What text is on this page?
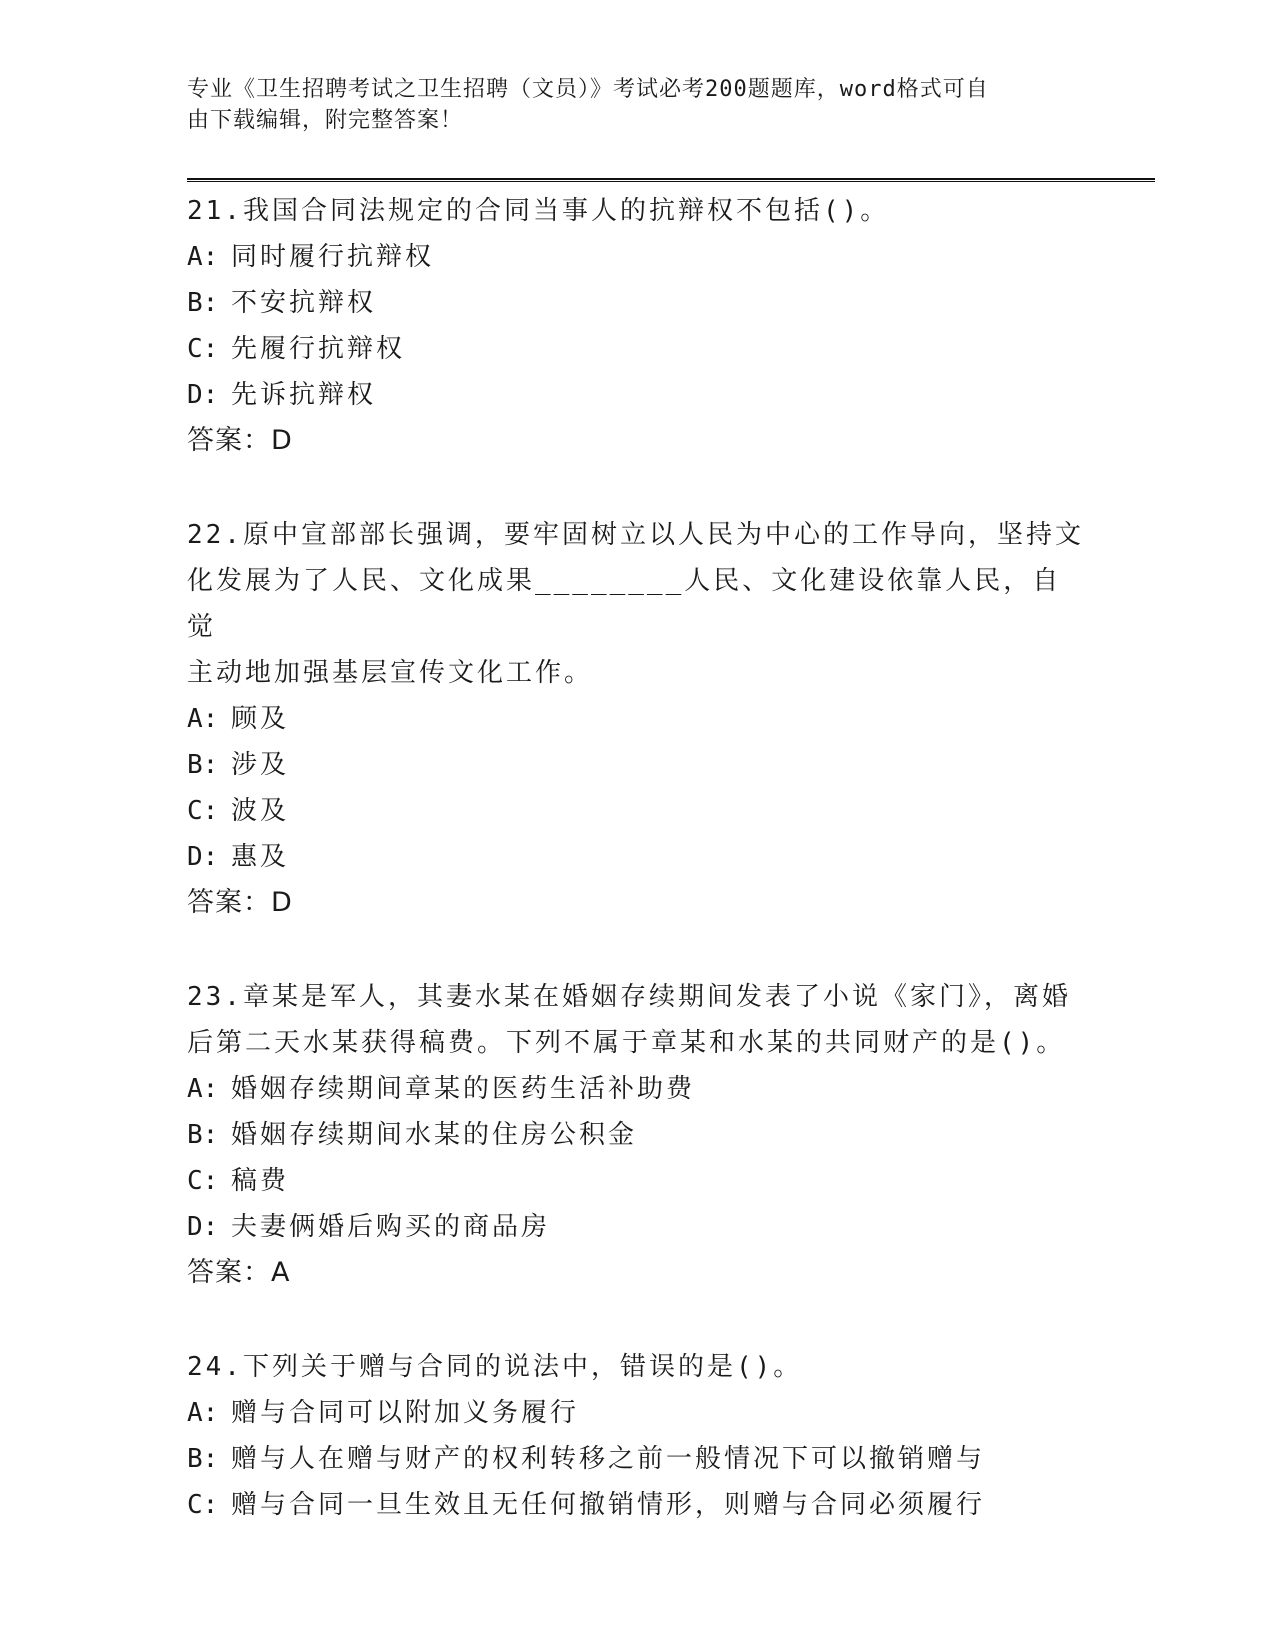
专业《卫生招聘考试之卫生招聘（文员）》考试必考200题题库，word格式可自
由下载编辑，附完整答案！

21.我国合同法规定的合同当事人的抗辩权不包括()。

A: 同时履行抗辩权
B: 不安抗辩权
C: 先履行抗辩权
D: 先诉抗辩权
答案：D

22.原中宣部部长强调，要牢固树立以人民为中心的工作导向，坚持文
化发展为了人民、文化成果________人民、文化建设依靠人民，自觉
主动地加强基层宣传文化工作。

A: 顾及
B: 涉及
C: 波及
D: 惠及
答案：D

23.章某是军人，其妻水某在婚姻存续期间发表了小说《家门》，离婚
后第二天水某获得稿费。下列不属于章某和水某的共同财产的是()。

A: 婚姻存续期间章某的医药生活补助费
B: 婚姻存续期间水某的住房公积金
C: 稿费
D: 夫妻俩婚后购买的商品房
答案：A

24.下列关于赠与合同的说法中，错误的是()。

A: 赠与合同可以附加义务履行
B: 赠与人在赠与财产的权利转移之前一般情况下可以撤销赠与
C: 赠与合同一旦生效且无任何撤销情形，则赠与合同必须履行
